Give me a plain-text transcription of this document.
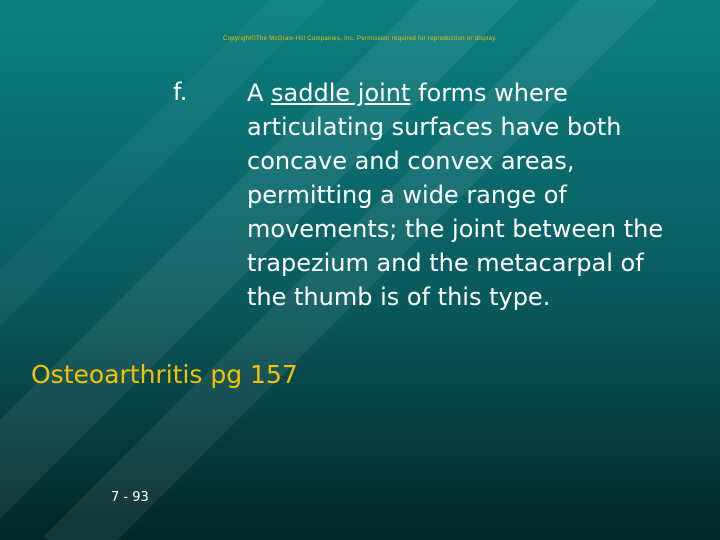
Copyright©The McGraw-Hill Companies, Inc. Permission required for reproduction or display.
f. A saddle joint forms where articulating surfaces have both concave and convex areas, permitting a wide range of movements; the joint between the trapezium and the metacarpal of the thumb is of this type.
Osteoarthritis pg 157
7 - 93
